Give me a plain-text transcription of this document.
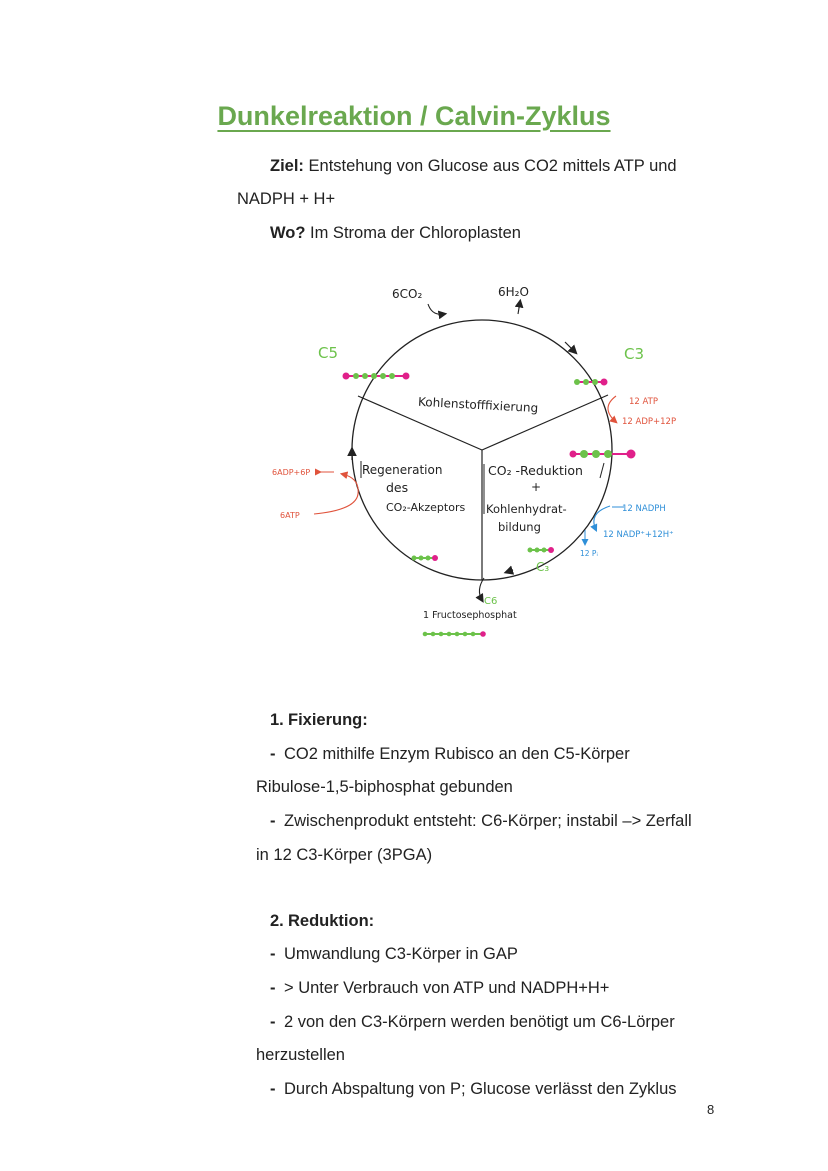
Dunkelreaktion / Calvin-Zyklus
Ziel: Entstehung von Glucose aus CO2 mittels ATP und
NADPH + H+
Wo? Im Stroma der Chloroplasten
6CO₂	6H₂O
C5	C3
C₃
C6
Kohlenstofffixierung
CO₂ -Reduktion
+
Kohlenhydrat-
bildung
Regeneration
des
CO₂-Akzeptors
12 ATP
12 ADP+12P
12 NADPH
12 NADP⁺+12H⁺
12 Pᵢ
6ADP+6P
6ATP
1 Fructosephosphat
1. Fixierung:
- CO2 mithilfe Enzym Rubisco an den C5-Körper
Ribulose-1,5-biphosphat gebunden
- Zwischenprodukt entsteht: C6-Körper; instabil –> Zerfall
in 12 C3-Körper (3PGA)
2. Reduktion:
- Umwandlung C3-Körper in GAP
- > Unter Verbrauch von ATP und NADPH+H+
- 2 von den C3-Körpern werden benötigt um C6-Lörper
herzustellen
- Durch Abspaltung von P; Glucose verlässt den Zyklus
8
